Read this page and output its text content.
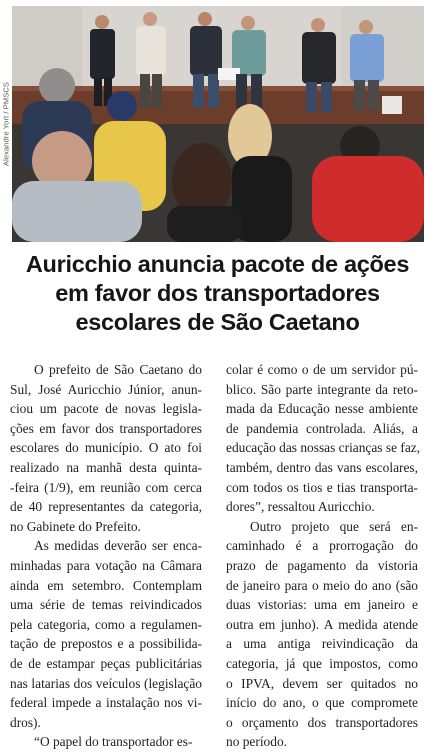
Alexandre Yort / PMSCS
Auricchio anuncia pacote de ações
em favor dos transportadores
escolares de São Caetano

O prefeito de São Caetano do
Sul, José Auricchio Júnior, anun-
ciou um pacote de novas legisla-
ções em favor dos transportadores
escolares do município. O ato foi
realizado na manhã desta quinta-
-feira (1/9), em reunião com cerca
de 40 representantes da categoria,
no Gabinete do Prefeito.

As medidas deverão ser enca-
minhadas para votação na Câmara
ainda em setembro. Contemplam
uma série de temas reivindicados
pela categoria, como a regulamen-
tação de prepostos e a possibilida-
de de estampar peças publicitárias
nas latarias dos veículos (legislação
federal impede a instalação nos vi-
dros).

“O papel do transportador es-

colar é como o de um servidor pú-
blico. São parte integrante da reto-
mada da Educação nesse ambiente
de pandemia controlada. Aliás, a
educação das nossas crianças se faz,
também, dentro das vans escolares,
com todos os tios e tias transporta-
dores”, ressaltou Auricchio.

Outro projeto que será en-
caminhado é a prorrogação do
prazo de pagamento da vistoria
de janeiro para o meio do ano (são
duas vistorias: uma em janeiro e
outra em junho). A medida atende
a uma antiga reivindicação da
categoria, já que impostos, como
o IPVA, devem ser quitados no
início do ano, o que compromete
o orçamento dos transportadores
no período.
